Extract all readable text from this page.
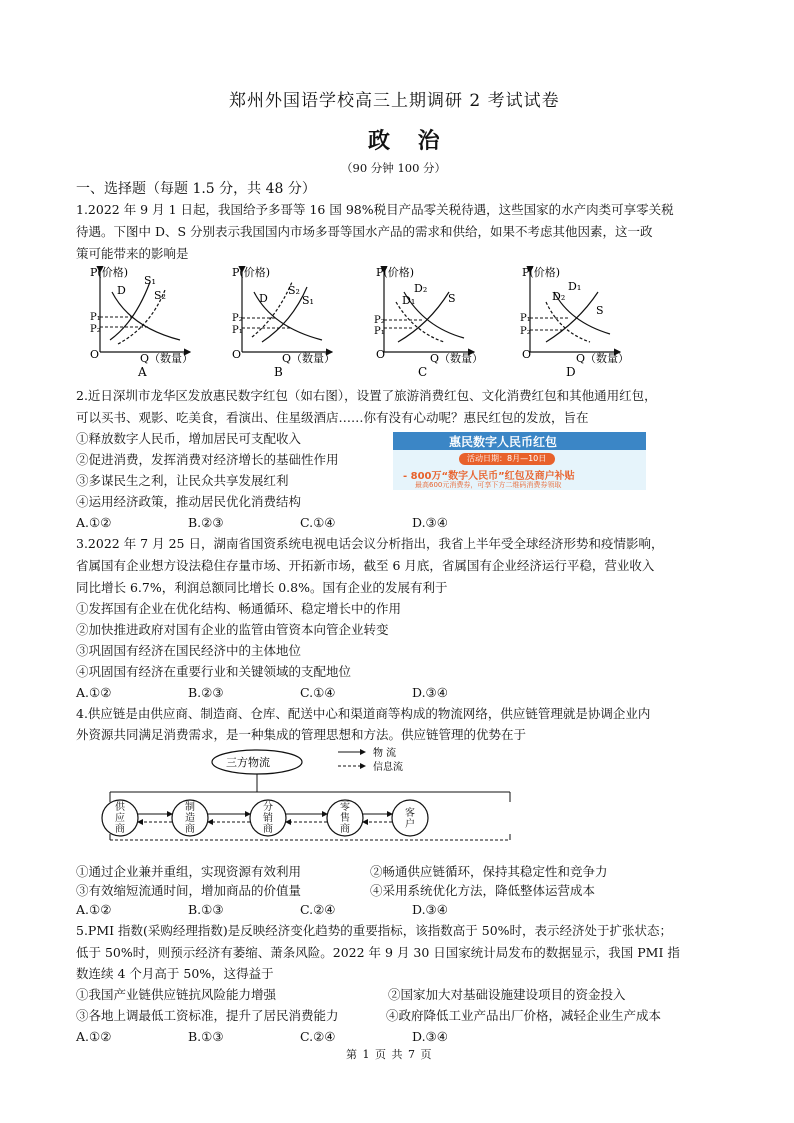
郑州外国语学校高三上期调研 2 考试试卷
政 治
（90 分钟 100 分）
一、选择题（每题 1.5 分，共 48 分）
1.2022 年 9 月 1 日起，我国给予多哥等 16 国 98%税目产品零关税待遇，这些国家的水产肉类可享零关税
待遇。下图中 D、S 分别表示我国国内市场多哥等国水产品的需求和供给，如果不考虑其他因素，这一政
策可能带来的影响是
P(价格)
Q（数量）
O
D
S₁
S₂
P₁
P₂
A
P(价格)
Q（数量）
O
D
S₂
S₁
P₂
P₁
B
P(价格)
Q（数量）
O
D₁
D₂
S
P₂
P₁
C
P(价格)
Q（数量）
O
D₂
D₁
S
P₁
P₂
D
2.近日深圳市龙华区发放惠民数字红包（如右图），设置了旅游消费红包、文化消费红包和其他通用红包，
可以买书、观影、吃美食，看演出、住星级酒店……你有没有心动呢？惠民红包的发放，旨在
①释放数字人民币，增加居民可支配收入
②促进消费，发挥消费对经济增长的基础性作用
③多谋民生之利，让民众共享发展红利
④运用经济政策，推动居民优化消费结构
惠民数字人民币红包
活动日期：8月—10日
- 800万“数字人民币”红包及商户补贴
最高600元消费券，可享下方二维码消费券领取
A.①②	B.②③	C.①④	D.③④
3.2022 年 7 月 25 日，湖南省国资系统电视电话会议分析指出，我省上半年受全球经济形势和疫情影响，
省属国有企业想方设法稳住存量市场、开拓新市场，截至 6 月底，省属国有企业经济运行平稳，营业收入
同比增长 6.7%，利润总额同比增长 0.8%。国有企业的发展有利于
①发挥国有企业在优化结构、畅通循环、稳定增长中的作用
②加快推进政府对国有企业的监管由管资本向管企业转变
③巩固国有经济在国民经济中的主体地位
④巩固国有经济在重要行业和关键领域的支配地位
A.①②	B.②③	C.①④	D.③④
4.供应链是由供应商、制造商、仓库、配送中心和渠道商等构成的物流网络，供应链管理就是协调企业内
外资源共同满足消费需求，是一种集成的管理思想和方法。供应链管理的优势在于
三方物流
物 流
信息流
供应商
制造商
分销商
零售商
客户
①通过企业兼并重组，实现资源有效利用	②畅通供应链循环，保持其稳定性和竞争力
③有效缩短流通时间，增加商品的价值量	④采用系统优化方法，降低整体运营成本
A.①②	B.①③	C.②④	D.③④
5.PMI 指数(采购经理指数)是反映经济变化趋势的重要指标，该指数高于 50%时，表示经济处于扩张状态；
低于 50%时，则预示经济有萎缩、萧条风险。2022 年 9 月 30 日国家统计局发布的数据显示，我国 PMI 指
数连续 4 个月高于 50%，这得益于
①我国产业链供应链抗风险能力增强	②国家加大对基础设施建设项目的资金投入
③各地上调最低工资标准，提升了居民消费能力	④政府降低工业产品出厂价格，减轻企业生产成本
A.①②	B.①③	C.②④	D.③④
第 1 页 共 7 页
